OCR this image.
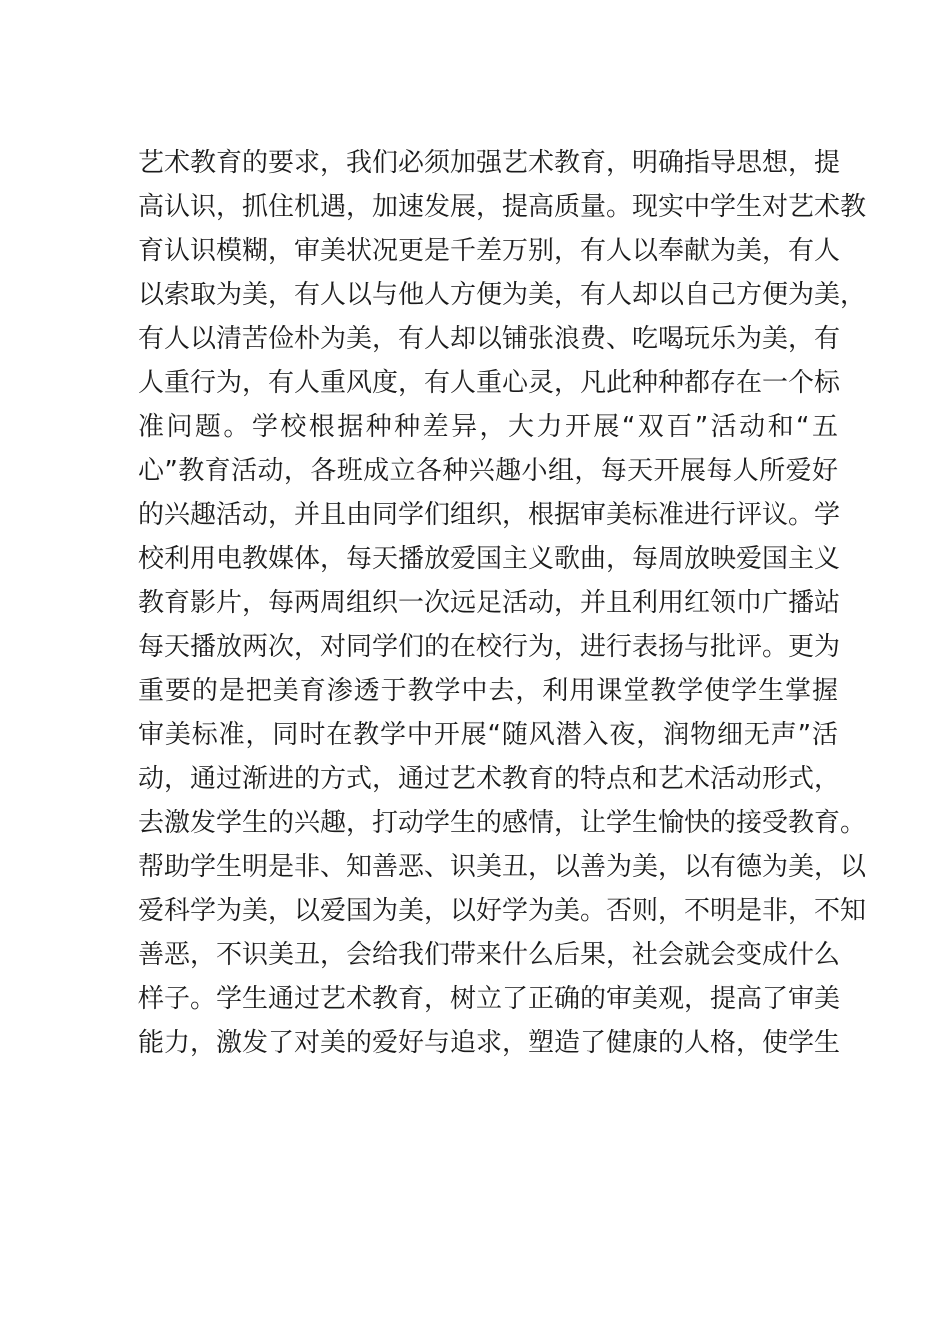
艺术教育的要求，我们必须加强艺术教育，明确指导思想，提
高认识，抓住机遇，加速发展，提高质量。现实中学生对艺术教
育认识模糊，审美状况更是千差万别，有人以奉献为美，有人
以索取为美，有人以与他人方便为美，有人却以自己方便为美，
有人以清苦俭朴为美，有人却以铺张浪费、吃喝玩乐为美，有
人重行为，有人重风度，有人重心灵，凡此种种都存在一个标
准问题。学校根据种种差异，大力开展“双百”活动和“五
心”教育活动，各班成立各种兴趣小组，每天开展每人所爱好
的兴趣活动，并且由同学们组织，根据审美标准进行评议。学
校利用电教媒体，每天播放爱国主义歌曲，每周放映爱国主义
教育影片，每两周组织一次远足活动，并且利用红领巾广播站
每天播放两次，对同学们的在校行为，进行表扬与批评。更为
重要的是把美育渗透于教学中去，利用课堂教学使学生掌握
审美标准，同时在教学中开展“随风潜入夜，润物细无声”活
动，通过渐进的方式，通过艺术教育的特点和艺术活动形式，
去激发学生的兴趣，打动学生的感情，让学生愉快的接受教育。
帮助学生明是非、知善恶、识美丑，以善为美，以有德为美，以
爱科学为美，以爱国为美，以好学为美。否则，不明是非，不知
善恶，不识美丑，会给我们带来什么后果，社会就会变成什么
样子。学生通过艺术教育，树立了正确的审美观，提高了审美
能力，激发了对美的爱好与追求，塑造了健康的人格，使学生
